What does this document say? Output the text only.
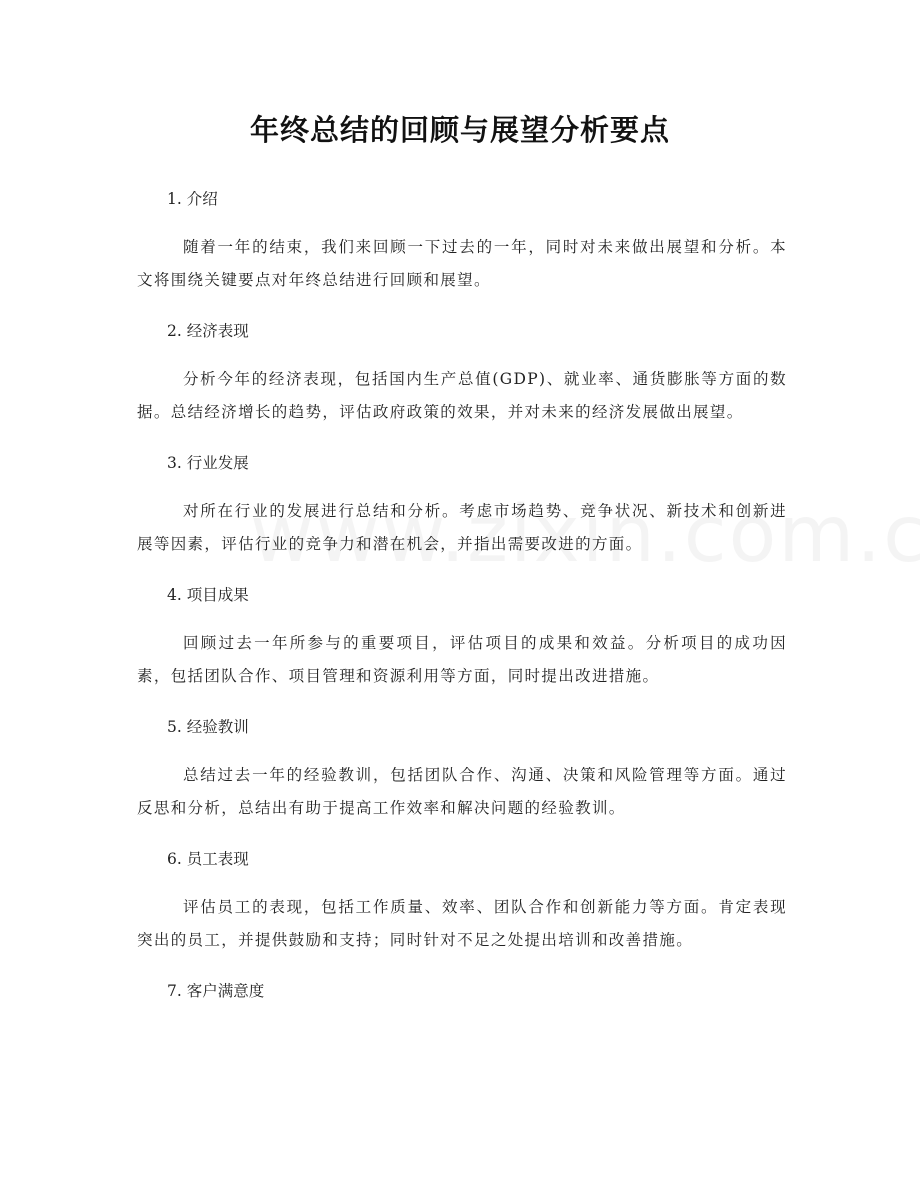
年终总结的回顾与展望分析要点

1. 介绍

随着一年的结束，我们来回顾一下过去的一年，同时对未来做出展望和分析。本文将围绕关键要点对年终总结进行回顾和展望。

2. 经济表现

分析今年的经济表现，包括国内生产总值(GDP)、就业率、通货膨胀等方面的数据。总结经济增长的趋势，评估政府政策的效果，并对未来的经济发展做出展望。

3. 行业发展

对所在行业的发展进行总结和分析。考虑市场趋势、竞争状况、新技术和创新进展等因素，评估行业的竞争力和潜在机会，并指出需要改进的方面。

4. 项目成果

回顾过去一年所参与的重要项目，评估项目的成果和效益。分析项目的成功因素，包括团队合作、项目管理和资源利用等方面，同时提出改进措施。

5. 经验教训

总结过去一年的经验教训，包括团队合作、沟通、决策和风险管理等方面。通过反思和分析，总结出有助于提高工作效率和解决问题的经验教训。

6. 员工表现

评估员工的表现，包括工作质量、效率、团队合作和创新能力等方面。肯定表现突出的员工，并提供鼓励和支持；同时针对不足之处提出培训和改善措施。

7. 客户满意度
